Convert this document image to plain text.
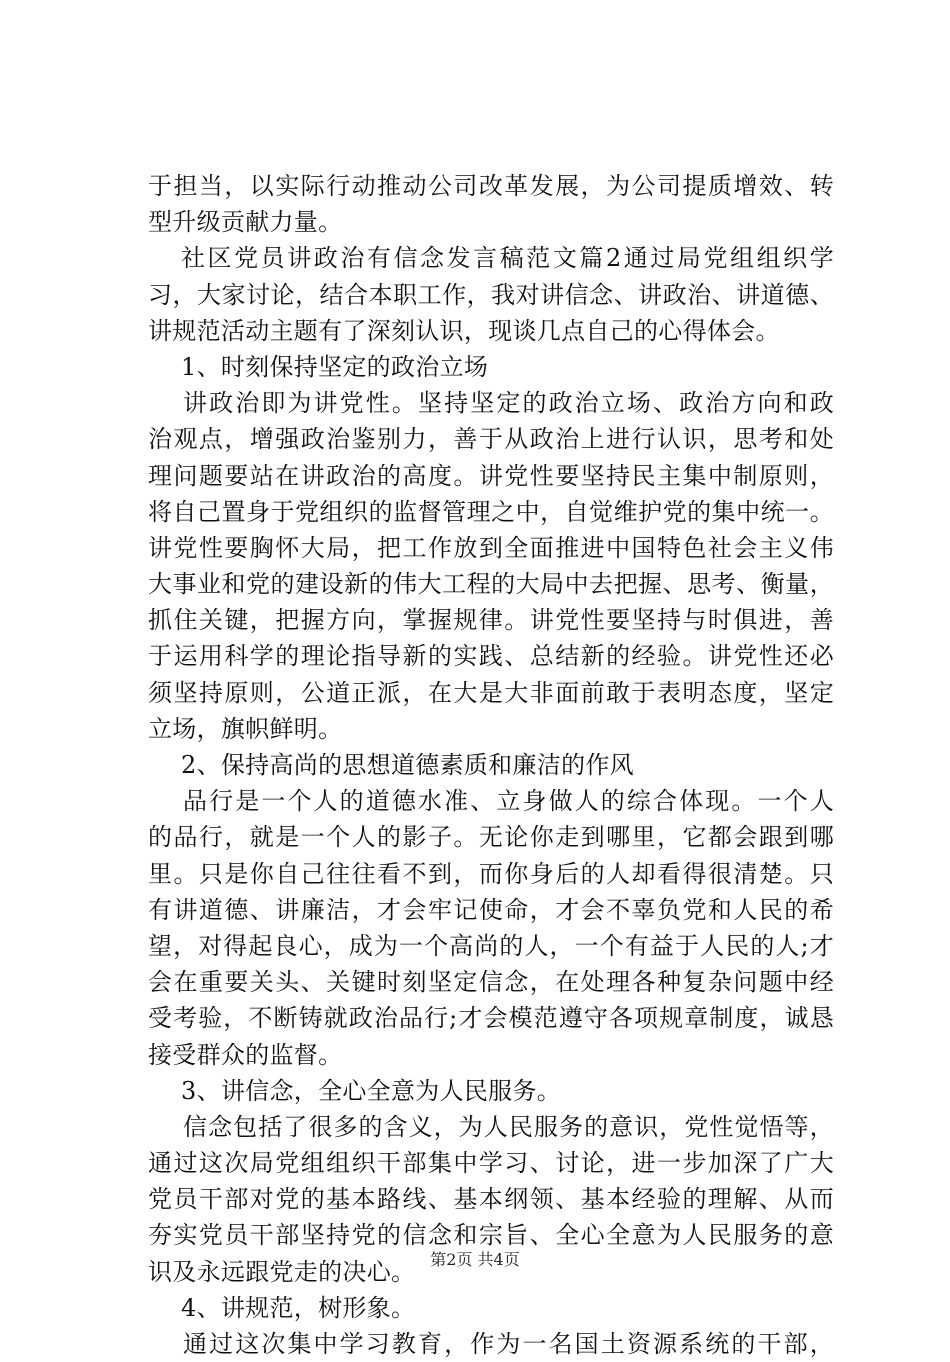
于担当，以实际行动推动公司改革发展，为公司提质增效、转
型升级贡献力量。
社区党员讲政治有信念发言稿范文篇2通过局党组组织学
习，大家讨论，结合本职工作，我对讲信念、讲政治、讲道德、
讲规范活动主题有了深刻认识，现谈几点自己的心得体会。
1、时刻保持坚定的政治立场
讲政治即为讲党性。坚持坚定的政治立场、政治方向和政
治观点，增强政治鉴别力，善于从政治上进行认识，思考和处
理问题要站在讲政治的高度。讲党性要坚持民主集中制原则，
将自己置身于党组织的监督管理之中，自觉维护党的集中统一。
讲党性要胸怀大局，把工作放到全面推进中国特色社会主义伟
大事业和党的建设新的伟大工程的大局中去把握、思考、衡量，
抓住关键，把握方向，掌握规律。讲党性要坚持与时俱进，善
于运用科学的理论指导新的实践、总结新的经验。讲党性还必
须坚持原则，公道正派，在大是大非面前敢于表明态度，坚定
立场，旗帜鲜明。
2、保持高尚的思想道德素质和廉洁的作风
品行是一个人的道德水准、立身做人的综合体现。一个人
的品行，就是一个人的影子。无论你走到哪里，它都会跟到哪
里。只是你自己往往看不到，而你身后的人却看得很清楚。只
有讲道德、讲廉洁，才会牢记使命，才会不辜负党和人民的希
望，对得起良心，成为一个高尚的人，一个有益于人民的人;才
会在重要关头、关键时刻坚定信念，在处理各种复杂问题中经
受考验，不断铸就政治品行;才会模范遵守各项规章制度，诚恳
接受群众的监督。
3、讲信念，全心全意为人民服务。
信念包括了很多的含义，为人民服务的意识，党性觉悟等，
通过这次局党组组织干部集中学习、讨论，进一步加深了广大
党员干部对党的基本路线、基本纲领、基本经验的理解、从而
夯实党员干部坚持党的信念和宗旨、全心全意为人民服务的意
识及永远跟党走的决心。
4、讲规范，树形象。
通过这次集中学习教育，作为一名国土资源系统的干部，
第2页 共4页
